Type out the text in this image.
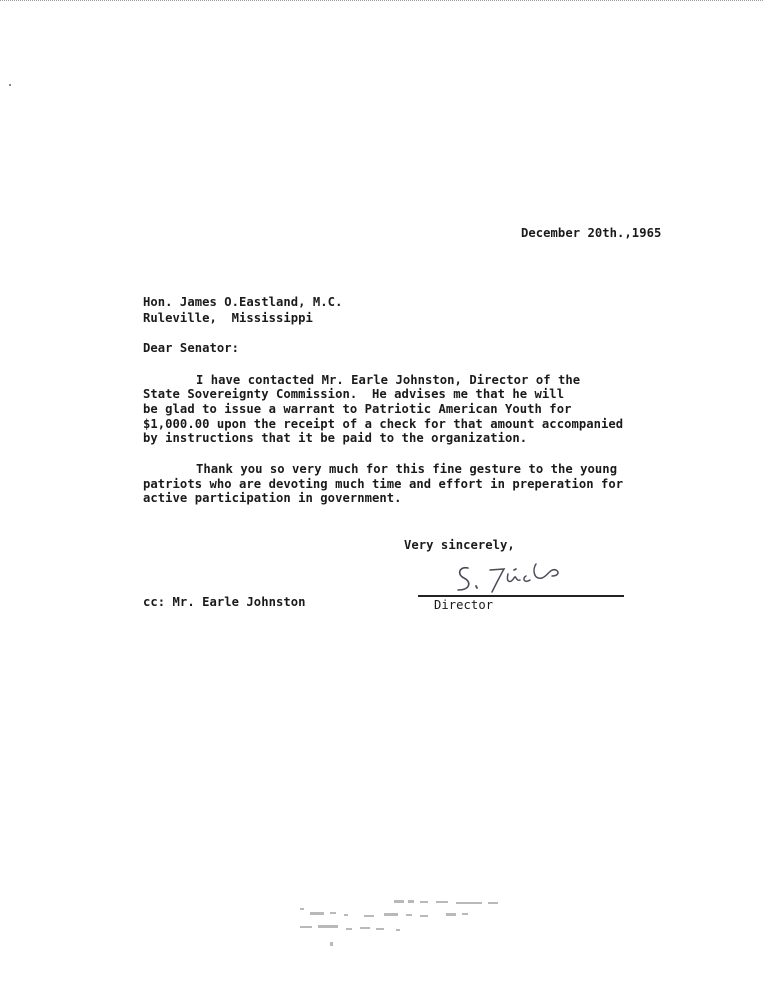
December 20th.,1965
Hon. James O.Eastland, M.C.
Ruleville,  Mississippi
Dear Senator:
I have contacted Mr. Earle Johnston, Director of the
State Sovereignty Commission.  He advises me that he will
be glad to issue a warrant to Patriotic American Youth for
$1,000.00 upon the receipt of a check for that amount accompanied
by instructions that it be paid to the organization.
Thank you so very much for this fine gesture to the young
patriots who are devoting much time and effort in preperation for
active participation in government.
Very sincerely,
Director
cc: Mr. Earle Johnston
